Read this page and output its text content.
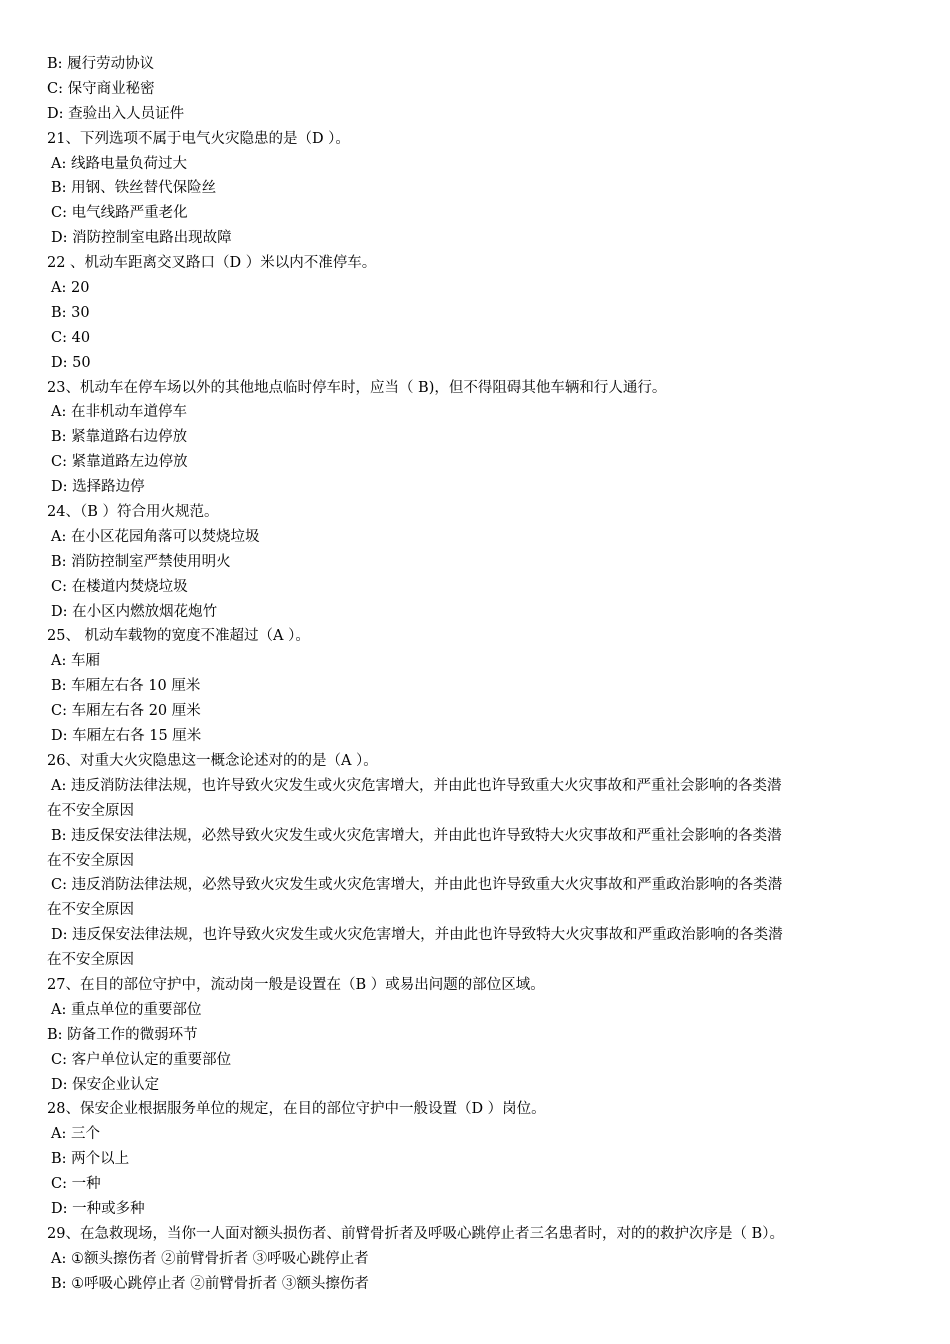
B: 履行劳动协议
C: 保守商业秘密
D: 查验出入人员证件
21、下列选项不属于电气火灾隐患的是（D ）。
A: 线路电量负荷过大
B: 用钢、铁丝替代保险丝
C: 电气线路严重老化
D: 消防控制室电路出现故障
22 、机动车距离交叉路口（D ）米以内不准停车。
A: 20
B: 30
C: 40
D: 50
23、机动车在停车场以外的其他地点临时停车时，应当（ B)，但不得阻碍其他车辆和行人通行。
A: 在非机动车道停车
B: 紧靠道路右边停放
C: 紧靠道路左边停放
D: 选择路边停
24、（B ）符合用火规范。
A: 在小区花园角落可以焚烧垃圾
B: 消防控制室严禁使用明火
C: 在楼道内焚烧垃圾
D: 在小区内燃放烟花炮竹
25、 机动车载物的宽度不准超过（A ）。
A: 车厢
B: 车厢左右各 10 厘米
C: 车厢左右各 20 厘米
D: 车厢左右各 15 厘米
26、对重大火灾隐患这一概念论述对的的是（A ）。
A: 违反消防法律法规，也许导致火灾发生或火灾危害增大，并由此也许导致重大火灾事故和严重社会影响的各类潜
在不安全原因
B: 违反保安法律法规，必然导致火灾发生或火灾危害增大，并由此也许导致特大火灾事故和严重社会影响的各类潜
在不安全原因
C: 违反消防法律法规，必然导致火灾发生或火灾危害增大，并由此也许导致重大火灾事故和严重政治影响的各类潜
在不安全原因
D: 违反保安法律法规，也许导致火灾发生或火灾危害增大，并由此也许导致特大火灾事故和严重政治影响的各类潜
在不安全原因
27、在目的部位守护中，流动岗一般是设置在（B ）或易出问题的部位区域。
A: 重点单位的重要部位
B: 防备工作的微弱环节
C: 客户单位认定的重要部位
D: 保安企业认定
28、保安企业根据服务单位的规定，在目的部位守护中一般设置（D ）岗位。
A: 三个
B: 两个以上
C: 一种
D: 一种或多种
29、在急救现场，当你一人面对额头损伤者、前臂骨折者及呼吸心跳停止者三名患者时，对的的救护次序是（ B）。
A: ①额头擦伤者 ②前臂骨折者 ③呼吸心跳停止者
B: ①呼吸心跳停止者 ②前臂骨折者 ③额头擦伤者
